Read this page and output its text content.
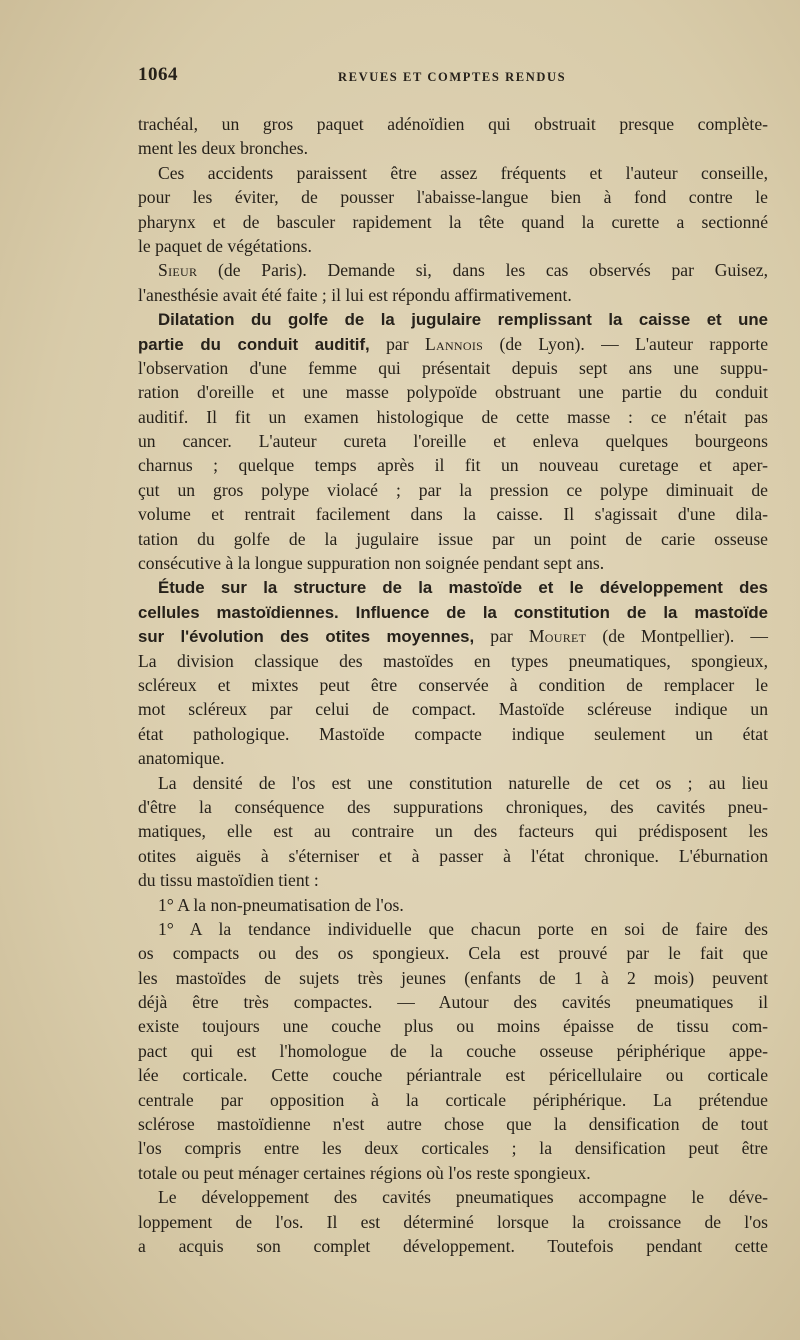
1064	REVUES ET COMPTES RENDUS
trachéal, un gros paquet adénoïdien qui obstruait presque complète-
ment les deux bronches.
Ces accidents paraissent être assez fréquents et l'auteur conseille,
pour les éviter, de pousser l'abaisse-langue bien à fond contre le
pharynx et de basculer rapidement la tête quand la curette a sectionné
le paquet de végétations.
Sieur (de Paris). Demande si, dans les cas observés par Guisez,
l'anesthésie avait été faite ; il lui est répondu affirmativement.
Dilatation du golfe de la jugulaire remplissant la caisse et une
partie du conduit auditif, par Lannois (de Lyon). — L'auteur rapporte
l'observation d'une femme qui présentait depuis sept ans une suppu-
ration d'oreille et une masse polypoïde obstruant une partie du conduit
auditif. Il fit un examen histologique de cette masse : ce n'était pas
un cancer. L'auteur cureta l'oreille et enleva quelques bourgeons
charnus ; quelque temps après il fit un nouveau curetage et aper-
çut un gros polype violacé ; par la pression ce polype diminuait de
volume et rentrait facilement dans la caisse. Il s'agissait d'une dila-
tation du golfe de la jugulaire issue par un point de carie osseuse
consécutive à la longue suppuration non soignée pendant sept ans.
Étude sur la structure de la mastoïde et le développement des
cellules mastoïdiennes. Influence de la constitution de la mastoïde
sur l'évolution des otites moyennes, par Mouret (de Montpellier). —
La division classique des mastoïdes en types pneumatiques, spongieux,
scléreux et mixtes peut être conservée à condition de remplacer le
mot scléreux par celui de compact. Mastoïde scléreuse indique un
état pathologique. Mastoïde compacte indique seulement un état
anatomique.
La densité de l'os est une constitution naturelle de cet os ; au lieu
d'être la conséquence des suppurations chroniques, des cavités pneu-
matiques, elle est au contraire un des facteurs qui prédisposent les
otites aiguës à s'éterniser et à passer à l'état chronique. L'éburnation
du tissu mastoïdien tient :
1° A la non-pneumatisation de l'os.
1° A la tendance individuelle que chacun porte en soi de faire des
os compacts ou des os spongieux. Cela est prouvé par le fait que
les mastoïdes de sujets très jeunes (enfants de 1 à 2 mois) peuvent
déjà être très compactes. — Autour des cavités pneumatiques il
existe toujours une couche plus ou moins épaisse de tissu com-
pact qui est l'homologue de la couche osseuse périphérique appe-
lée corticale. Cette couche périantrale est péricellulaire ou corticale
centrale par opposition à la corticale périphérique. La prétendue
sclérose mastoïdienne n'est autre chose que la densification de tout
l'os compris entre les deux corticales ; la densification peut être
totale ou peut ménager certaines régions où l'os reste spongieux.
Le développement des cavités pneumatiques accompagne le déve-
loppement de l'os. Il est déterminé lorsque la croissance de l'os
a acquis son complet développement. Toutefois pendant cette
